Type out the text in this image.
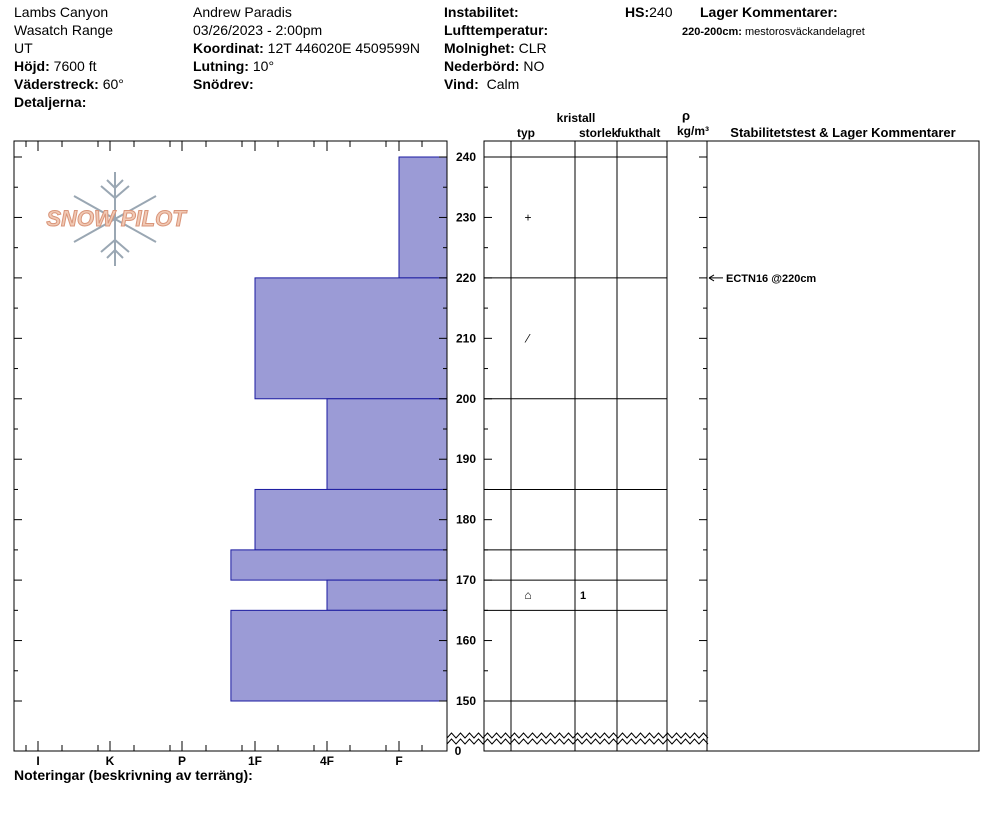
Lambs Canyon
Wasatch Range
UT
Höjd: 7600 ft
Väderstreck: 60°
Detaljerna:
Andrew Paradis
03/26/2023 - 2:00pm
Koordinat: 12T 446020E 4509599N
Lutning: 10°
Snödrev:
Instabilitet:
Lufttemperatur:
Molnighet: CLR
Nederbörd: NO
Vind: Calm
HS:240 Lager Kommentarer:
220-200cm: mestorosväckandelagret
kristall
typ	storlek
fukthalt
ρ
kg/m³ Stabilitetstest & Lager Kommentarer
SNOW PILOT
150
160
170
180
190
200
210
220
230
240
0
I	K	P	1F	4F	F
+
⁄
⌂	1
ECTN16 @220cm
Noteringar (beskrivning av terräng):
